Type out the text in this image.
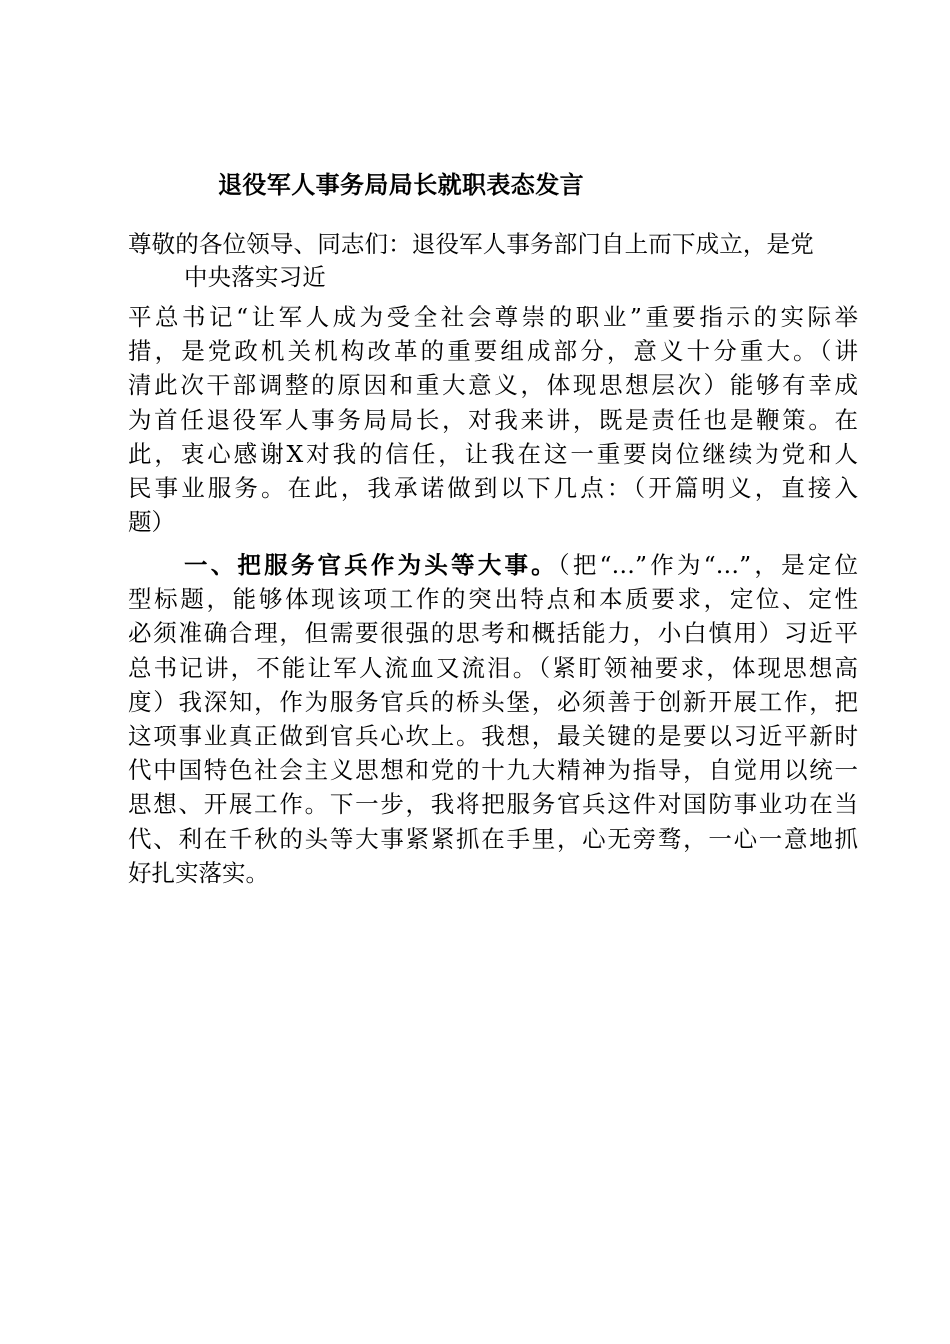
退役军人事务局局长就职表态发言
尊敬的各位领导、同志们：退役军人事务部门自上而下成立，是党
中央落实习近
平总书记“让军人成为受全社会尊崇的职业”重要指示的实际举
措，是党政机关机构改革的重要组成部分，意义十分重大。（讲
清此次干部调整的原因和重大意义，体现思想层次）能够有幸成
为首任退役军人事务局局长，对我来讲，既是责任也是鞭策。在
此，衷心感谢X对我的信任，让我在这一重要岗位继续为党和人
民事业服务。在此，我承诺做到以下几点：（开篇明义，直接入
题）
一、把服务官兵作为头等大事。（把“…”作为“…”，是定位
型标题，能够体现该项工作的突出特点和本质要求，定位、定性
必须准确合理，但需要很强的思考和概括能力，小白慎用）习近平
总书记讲，不能让军人流血又流泪。（紧盯领袖要求，体现思想高
度）我深知，作为服务官兵的桥头堡，必须善于创新开展工作，把
这项事业真正做到官兵心坎上。我想，最关键的是要以习近平新时
代中国特色社会主义思想和党的十九大精神为指导，自觉用以统一
思想、开展工作。下一步，我将把服务官兵这件对国防事业功在当
代、利在千秋的头等大事紧紧抓在手里，心无旁骛，一心一意地抓
好扎实落实。
